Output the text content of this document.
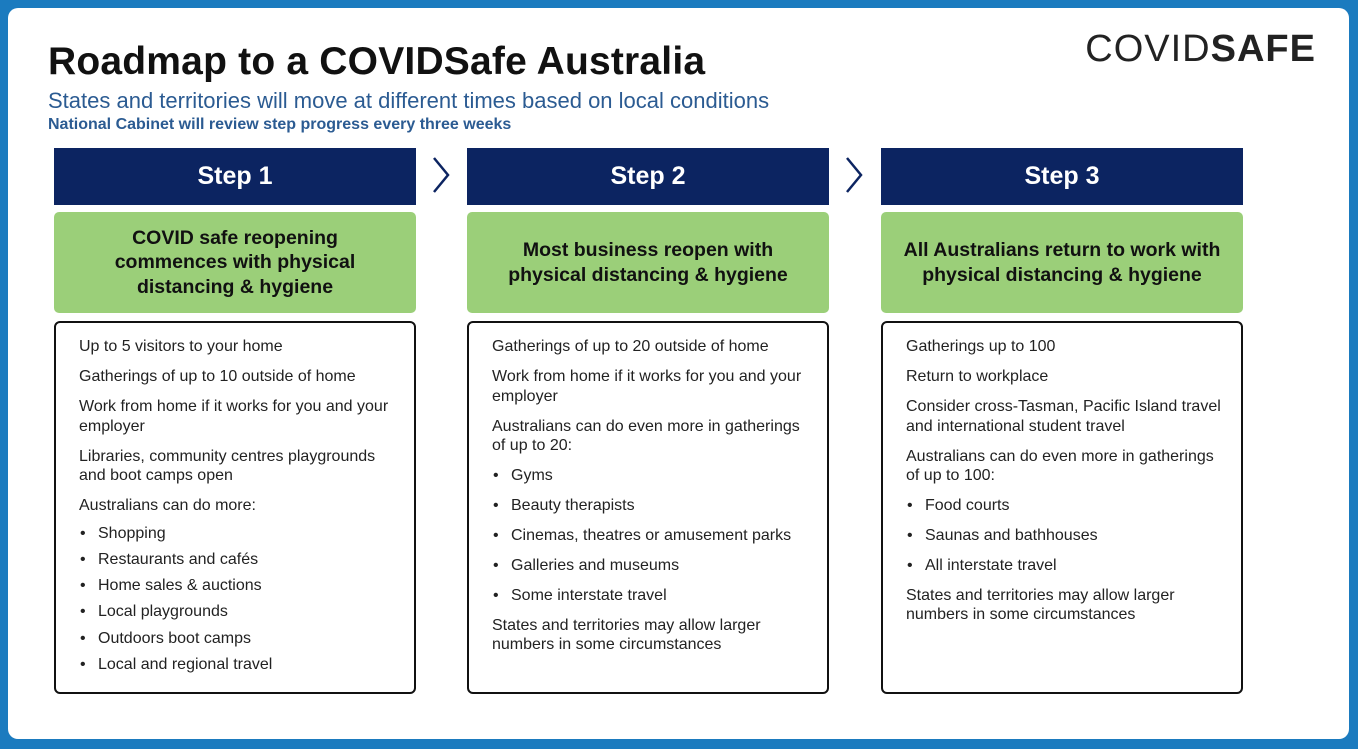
Roadmap to a COVIDSafe Australia
States and territories will move at different times based on local conditions
National Cabinet will review step progress every three weeks
COVIDSAFE
Step 1
COVID safe reopening commences with physical distancing & hygiene

Up to 5 visitors to your home

Gatherings of up to 10 outside of home

Work from home if it works for you and your employer

Libraries, community centres playgrounds and boot camps open

Australians can do more:

• Shopping
• Restaurants and cafés
• Home sales & auctions
• Local playgrounds
• Outdoors boot camps
• Local and regional travel
Step 2
Most business reopen with physical distancing & hygiene

Gatherings of up to 20 outside of home

Work from home if it works for you and your employer

Australians can do even more in gatherings of up to 20:

• Gyms
• Beauty therapists
• Cinemas, theatres or amusement parks
• Galleries and museums
• Some interstate travel

States and territories may allow larger numbers in some circumstances

Step 3
All Australians return to work with physical distancing & hygiene

Gatherings up to 100

Return to workplace

Consider cross-Tasman, Pacific Island travel and international student travel

Australians can do even more in gatherings of up to 100:

• Food courts
• Saunas and bathhouses
• All interstate travel

States and territories may allow larger numbers in some circumstances
